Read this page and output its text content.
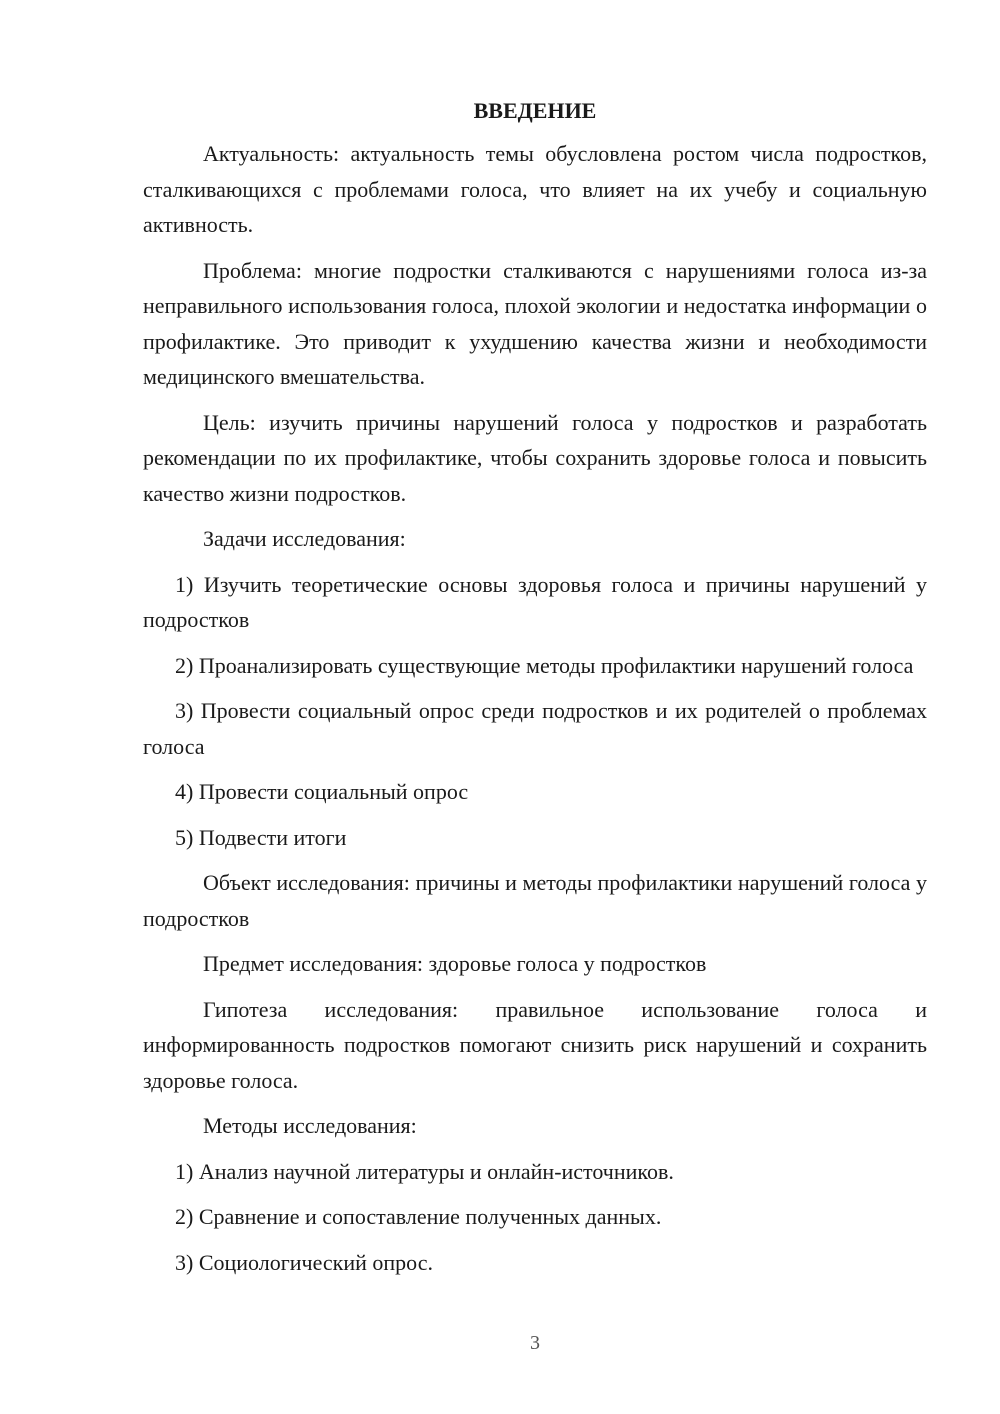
ВВЕДЕНИЕ

Актуальность: актуальность темы обусловлена ростом числа подростков, сталкивающихся с проблемами голоса, что влияет на их учебу и социальную активность.

Проблема: многие подростки сталкиваются с нарушениями голоса из-за неправильного использования голоса, плохой экологии и недостатка информации о профилактике. Это приводит к ухудшению качества жизни и необходимости медицинского вмешательства.

Цель: изучить причины нарушений голоса у подростков и разработать рекомендации по их профилактике, чтобы сохранить здоровье голоса и повысить качество жизни подростков.

Задачи исследования:

1) Изучить теоретические основы здоровья голоса и причины нарушений у подростков

2) Проанализировать существующие методы профилактики нарушений голоса

3) Провести социальный опрос среди подростков и их родителей о проблемах голоса

4) Провести социальный опрос

5) Подвести итоги

Объект исследования: причины и методы профилактики нарушений голоса у подростков

Предмет исследования: здоровье голоса у подростков

Гипотеза исследования: правильное использование голоса и информированность подростков помогают снизить риск нарушений и сохранить здоровье голоса.

Методы исследования:

1) Анализ научной литературы и онлайн-источников.

2) Сравнение и сопоставление полученных данных.

3) Социологический опрос.

3
